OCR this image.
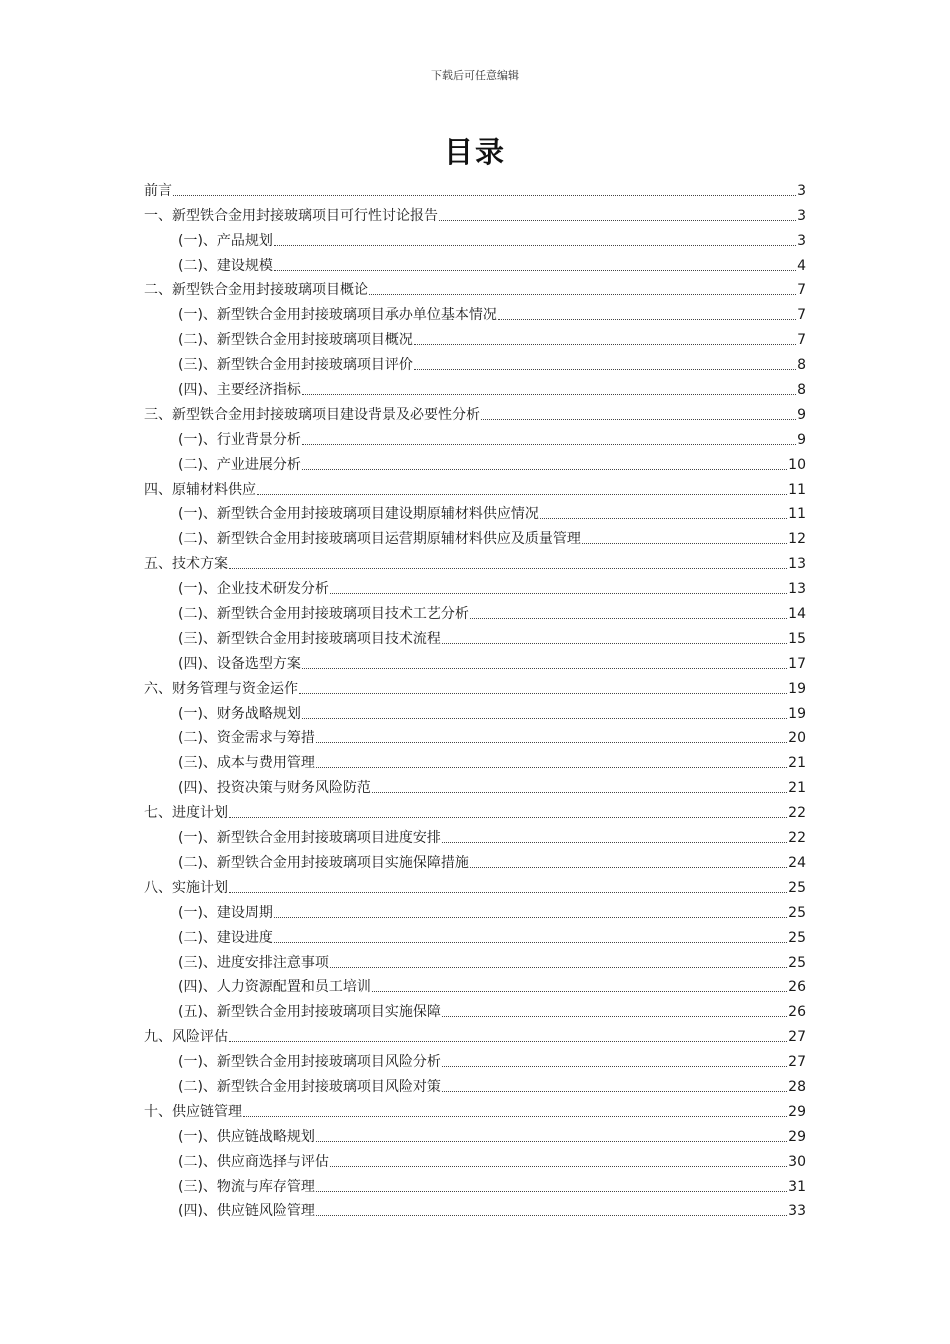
下载后可任意编辑
目录
前言	3
一、新型铁合金用封接玻璃项目可行性讨论报告	3
(一)、产品规划	3
(二)、建设规模	4
二、新型铁合金用封接玻璃项目概论	7
(一)、新型铁合金用封接玻璃项目承办单位基本情况	7
(二)、新型铁合金用封接玻璃项目概况	7
(三)、新型铁合金用封接玻璃项目评价	8
(四)、主要经济指标	8
三、新型铁合金用封接玻璃项目建设背景及必要性分析	9
(一)、行业背景分析	9
(二)、产业进展分析	10
四、原辅材料供应	11
(一)、新型铁合金用封接玻璃项目建设期原辅材料供应情况	11
(二)、新型铁合金用封接玻璃项目运营期原辅材料供应及质量管理	12
五、技术方案	13
(一)、企业技术研发分析	13
(二)、新型铁合金用封接玻璃项目技术工艺分析	14
(三)、新型铁合金用封接玻璃项目技术流程	15
(四)、设备选型方案	17
六、财务管理与资金运作	19
(一)、财务战略规划	19
(二)、资金需求与筹措	20
(三)、成本与费用管理	21
(四)、投资决策与财务风险防范	21
七、进度计划	22
(一)、新型铁合金用封接玻璃项目进度安排	22
(二)、新型铁合金用封接玻璃项目实施保障措施	24
八、实施计划	25
(一)、建设周期	25
(二)、建设进度	25
(三)、进度安排注意事项	25
(四)、人力资源配置和员工培训	26
(五)、新型铁合金用封接玻璃项目实施保障	26
九、风险评估	27
(一)、新型铁合金用封接玻璃项目风险分析	27
(二)、新型铁合金用封接玻璃项目风险对策	28
十、供应链管理	29
(一)、供应链战略规划	29
(二)、供应商选择与评估	30
(三)、物流与库存管理	31
(四)、供应链风险管理	33
